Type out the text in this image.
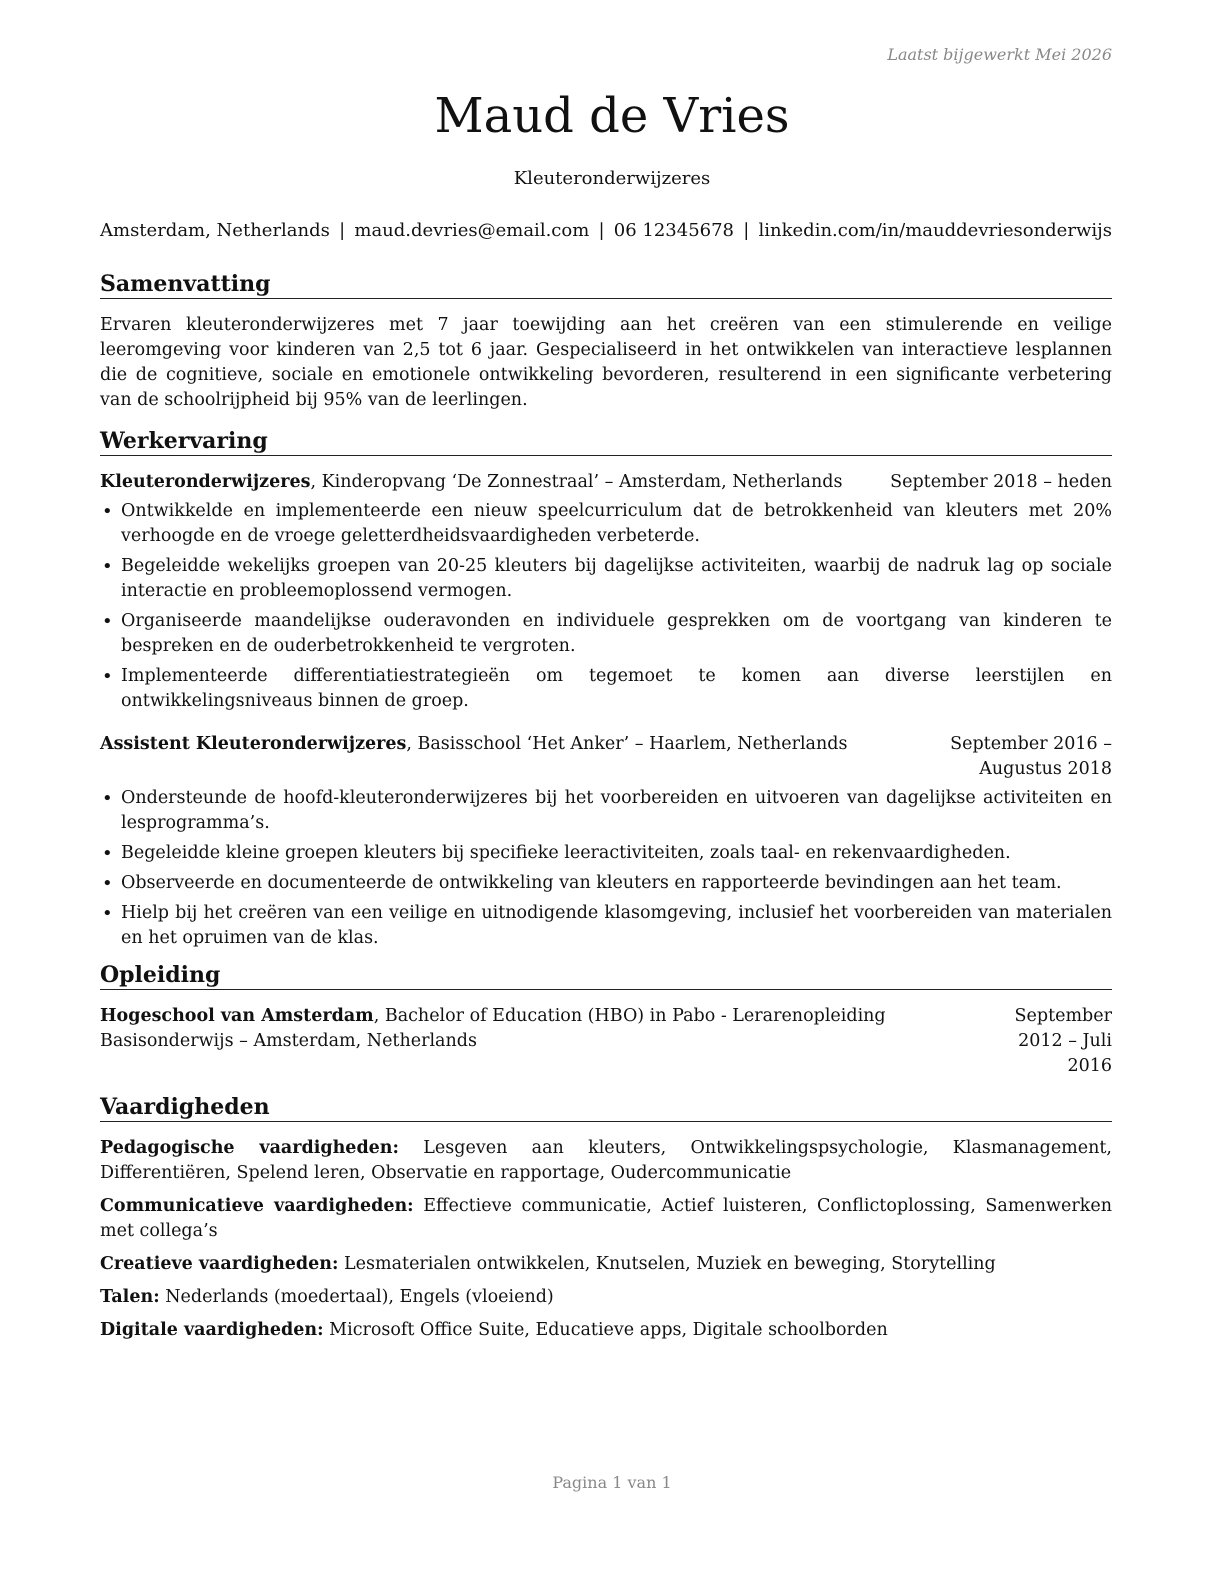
Laatst bijgewerkt Mei 2026
Maud de Vries
Kleuteronderwijzeres
Amsterdam, Netherlands | maud.devries@email.com | 06 12345678 | linkedin.com/in/mauddevriesonderwijs
Samenvatting

Ervaren kleuteronderwijzeres met 7 jaar toewijding aan het creëren van een stimulerende en veilige leeromgeving voor kinderen van 2,5 tot 6 jaar. Gespecialiseerd in het ontwikkelen van interactieve lesplannen die de cognitieve, sociale en emotionele ontwikkeling bevorderen, resulterend in een significante verbetering van de schoolrijpheid bij 95% van de leerlingen.

Werkervaring
Kleuteronderwijzeres, Kinderopvang ‘De Zonnestraal’ – Amsterdam, Netherlands	September 2018 – heden
• Ontwikkelde en implementeerde een nieuw speelcurriculum dat de betrokkenheid van kleuters met 20% verhoogde en de vroege geletterdheidsvaardigheden verbeterde.
• Begeleidde wekelijks groepen van 20-25 kleuters bij dagelijkse activiteiten, waarbij de nadruk lag op sociale interactie en probleemoplossend vermogen.
• Organiseerde maandelijkse ouderavonden en individuele gesprekken om de voortgang van kinderen te bespreken en de ouderbetrokkenheid te vergroten.
• Implementeerde differentiatiestrategieën om tegemoet te komen aan diverse leerstijlen en ontwikkelingsniveaus binnen de groep.
Assistent Kleuteronderwijzeres, Basisschool ‘Het Anker’ – Haarlem, Netherlands	September 2016 – Augustus 2018
• Ondersteunde de hoofd-kleuteronderwijzeres bij het voorbereiden en uitvoeren van dagelijkse activiteiten en lesprogramma’s.
• Begeleidde kleine groepen kleuters bij specifieke leeractiviteiten, zoals taal- en rekenvaardigheden.
• Observeerde en documenteerde de ontwikkeling van kleuters en rapporteerde bevindingen aan het team.
• Hielp bij het creëren van een veilige en uitnodigende klasomgeving, inclusief het voorbereiden van materialen en het opruimen van de klas.
Opleiding
Hogeschool van Amsterdam, Bachelor of Education (HBO) in Pabo - Lerarenopleiding Basisonderwijs – Amsterdam, Netherlands
September 2012 – Juli 2016
Vaardigheden
Pedagogische vaardigheden: Lesgeven aan kleuters, Ontwikkelingspsychologie, Klasmanagement, Differentiëren, Spelend leren, Observatie en rapportage, Oudercommunicatie
Communicatieve vaardigheden: Effectieve communicatie, Actief luisteren, Conflictoplossing, Samenwerken met collega’s
Creatieve vaardigheden: Lesmaterialen ontwikkelen, Knutselen, Muziek en beweging, Storytelling
Talen: Nederlands (moedertaal), Engels (vloeiend)
Digitale vaardigheden: Microsoft Office Suite, Educatieve apps, Digitale schoolborden
Pagina 1 van 1
